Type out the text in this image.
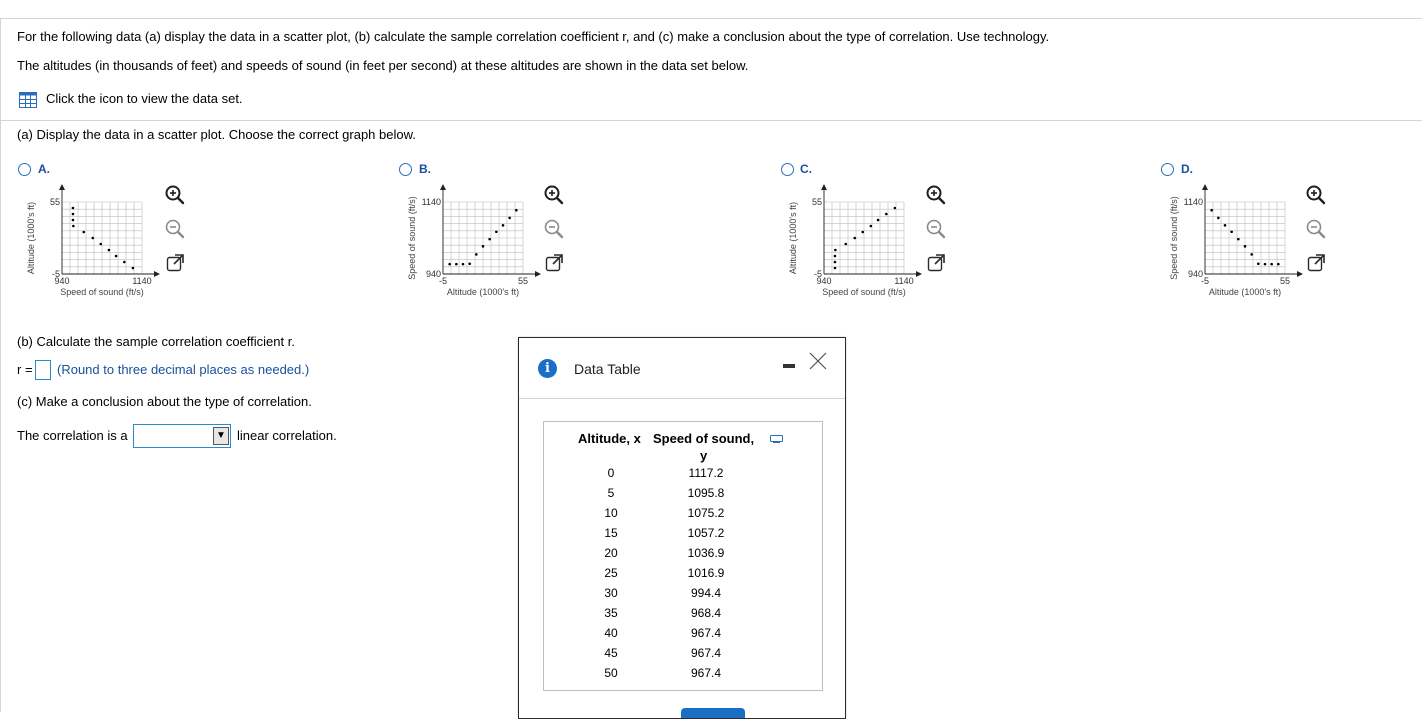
For the following data (a) display the data in a scatter plot, (b) calculate the sample correlation coefficient r, and (c) make a conclusion about the type of correlation. Use technology.
The altitudes (in thousands of feet) and speeds of sound (in feet per second) at these altitudes are shown in the data set below.
Click the icon to view the data set.
(a) Display the data in a scatter plot. Choose the correct graph below.
A.
940	1140
55
-5
Speed of sound (ft/s)
Altitude (1000's ft)
B.
-5	55
1140
940
Altitude (1000's ft)
Speed of sound (ft/s)
C.
940	1140
55
-5
Speed of sound (ft/s)
Altitude (1000's ft)
D.
-5	55
1140
940
Altitude (1000's ft)
Speed of sound (ft/s)
(b) Calculate the sample correlation coefficient r.
r = (Round to three decimal places as needed.)
(c) Make a conclusion about the type of correlation.
The correlation is a	▼ linear correlation.
i	Data Table
Altitude, x Speed of sound,
y
0	1117.2
5	1095.8
10	1075.2
15	1057.2
20	1036.9
25	1016.9
30	994.4
35	968.4
40	967.4
45	967.4
50	967.4
